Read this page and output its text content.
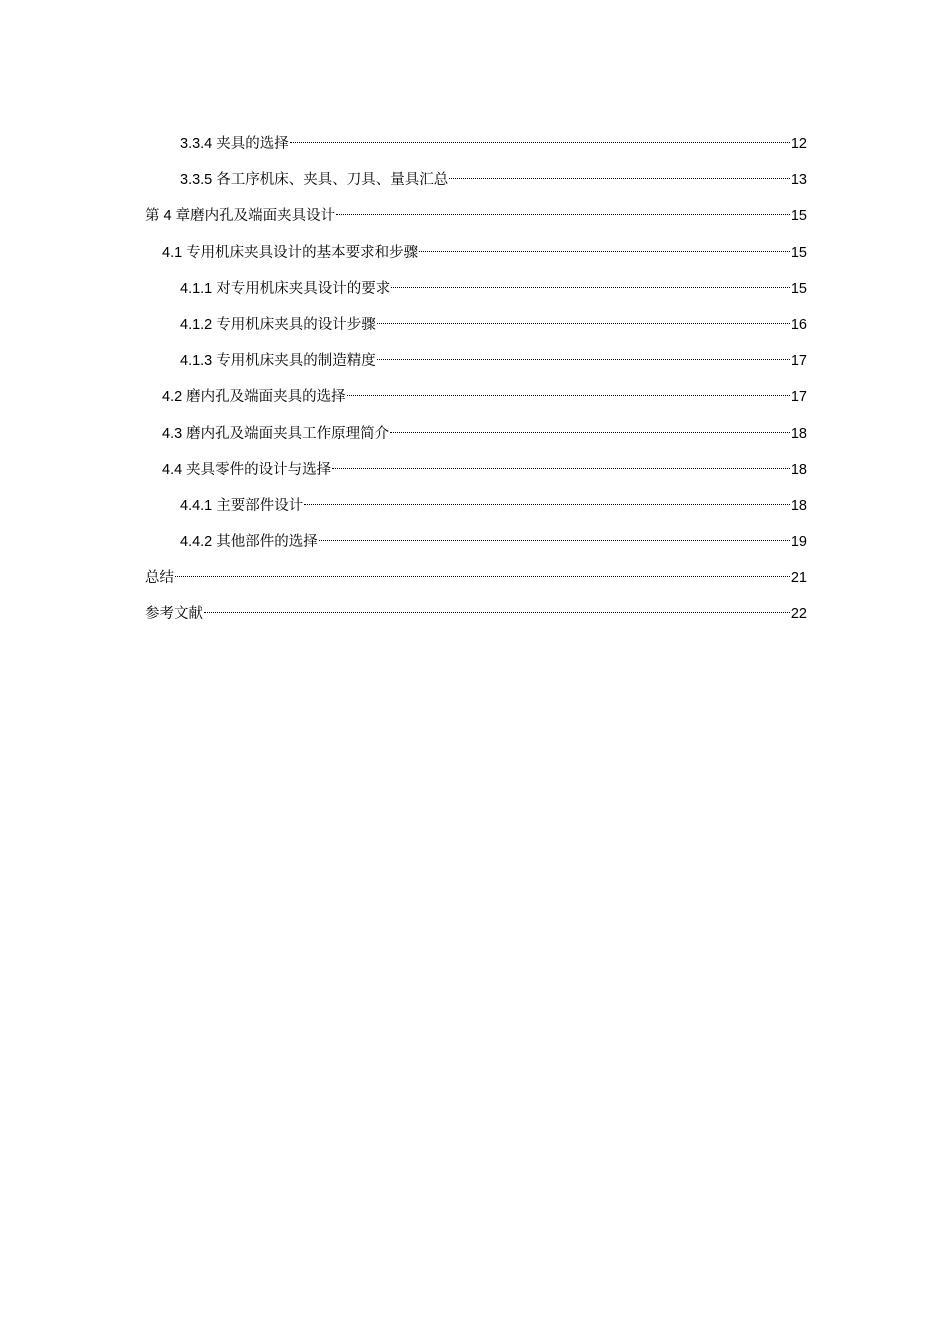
3.3.4 夹具的选择	12
3.3.5 各工序机床、夹具、刀具、量具汇总	13
第 4 章磨内孔及端面夹具设计	15
4.1 专用机床夹具设计的基本要求和步骤	15
4.1.1 对专用机床夹具设计的要求	15
4.1.2 专用机床夹具的设计步骤	16
4.1.3 专用机床夹具的制造精度	17
4.2 磨内孔及端面夹具的选择	17
4.3 磨内孔及端面夹具工作原理简介	18
4.4 夹具零件的设计与选择	18
4.4.1 主要部件设计	18
4.4.2 其他部件的选择	19
总结	21
参考文献	22
